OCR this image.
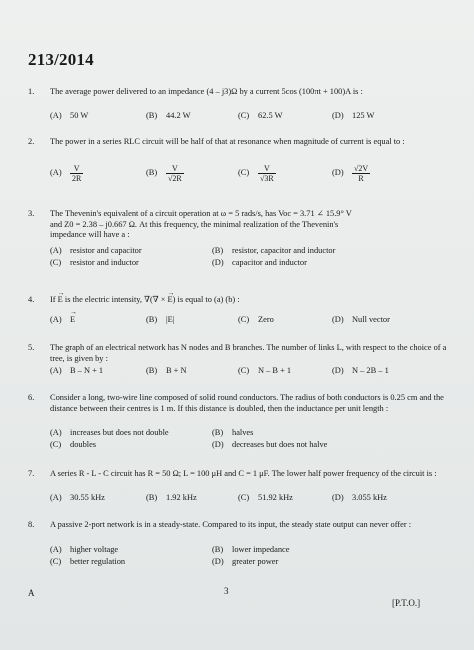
213/2014
1.	The average power delivered to an impedance (4 – j3)Ω by a current 5cos (100πt + 100)A is :
(A) 50 W	(B) 44.2 W	(C) 62.5 W	(D) 125 W
2.	The power in a series RLC circuit will be half of that at resonance when magnitude of current is equal to :
$(A) \frac{V}{2R}$	$(B) \frac{V}{√2R}$	$(C) \frac{V}{√3R}$	$(D) \frac{√2V}{R}$
3.	The Thevenin's equivalent of a circuit operation at ω = 5 rads/s, has Voc = 3.71 ∠ 15.9° V
and Z0 = 2.38 – j0.667 Ω. At this frequency, the minimal realization of the Thevenin's
impedance will have a :
(A) resistor and capacitor	(B) resistor, capacitor and inductor
(C) resistor and inductor	(D) capacitor and inductor
4.	If → E is the electric intensity, ∇(∇ × → E) is equal to (a) (b) :
(A)→ E	(B) |E|	(C) Zero	(D) Null vector
5.	The graph of an electrical network has N nodes and B branches. The number of links L, with respect to the choice of a tree, is given by :
(A) B – N + 1	(B) B + N	(C) N – B + 1	(D) N – 2B – 1
6.	Consider a long, two-wire line composed of solid round conductors. The radius of both conductors is 0.25 cm and the distance between their centres is 1 m. If this distance is doubled, then the inductance per unit length :
(A) increases but does not double	(B) halves
(C) doubles	(D) decreases but does not halve
7.	A series R - L - C circuit has R = 50 Ω; L = 100 μH and C = 1 μF. The lower half power frequency of the circuit is :
(A) 30.55 kHz	(B) 1.92 kHz	(C) 51.92 kHz	(D) 3.055 kHz
8.	A passive 2-port network is in a steady-state. Compared to its input, the steady state output can never offer :
(A) higher voltage	(B) lower impedance
(C) better regulation	(D) greater power
A	3
[P.T.O.]
